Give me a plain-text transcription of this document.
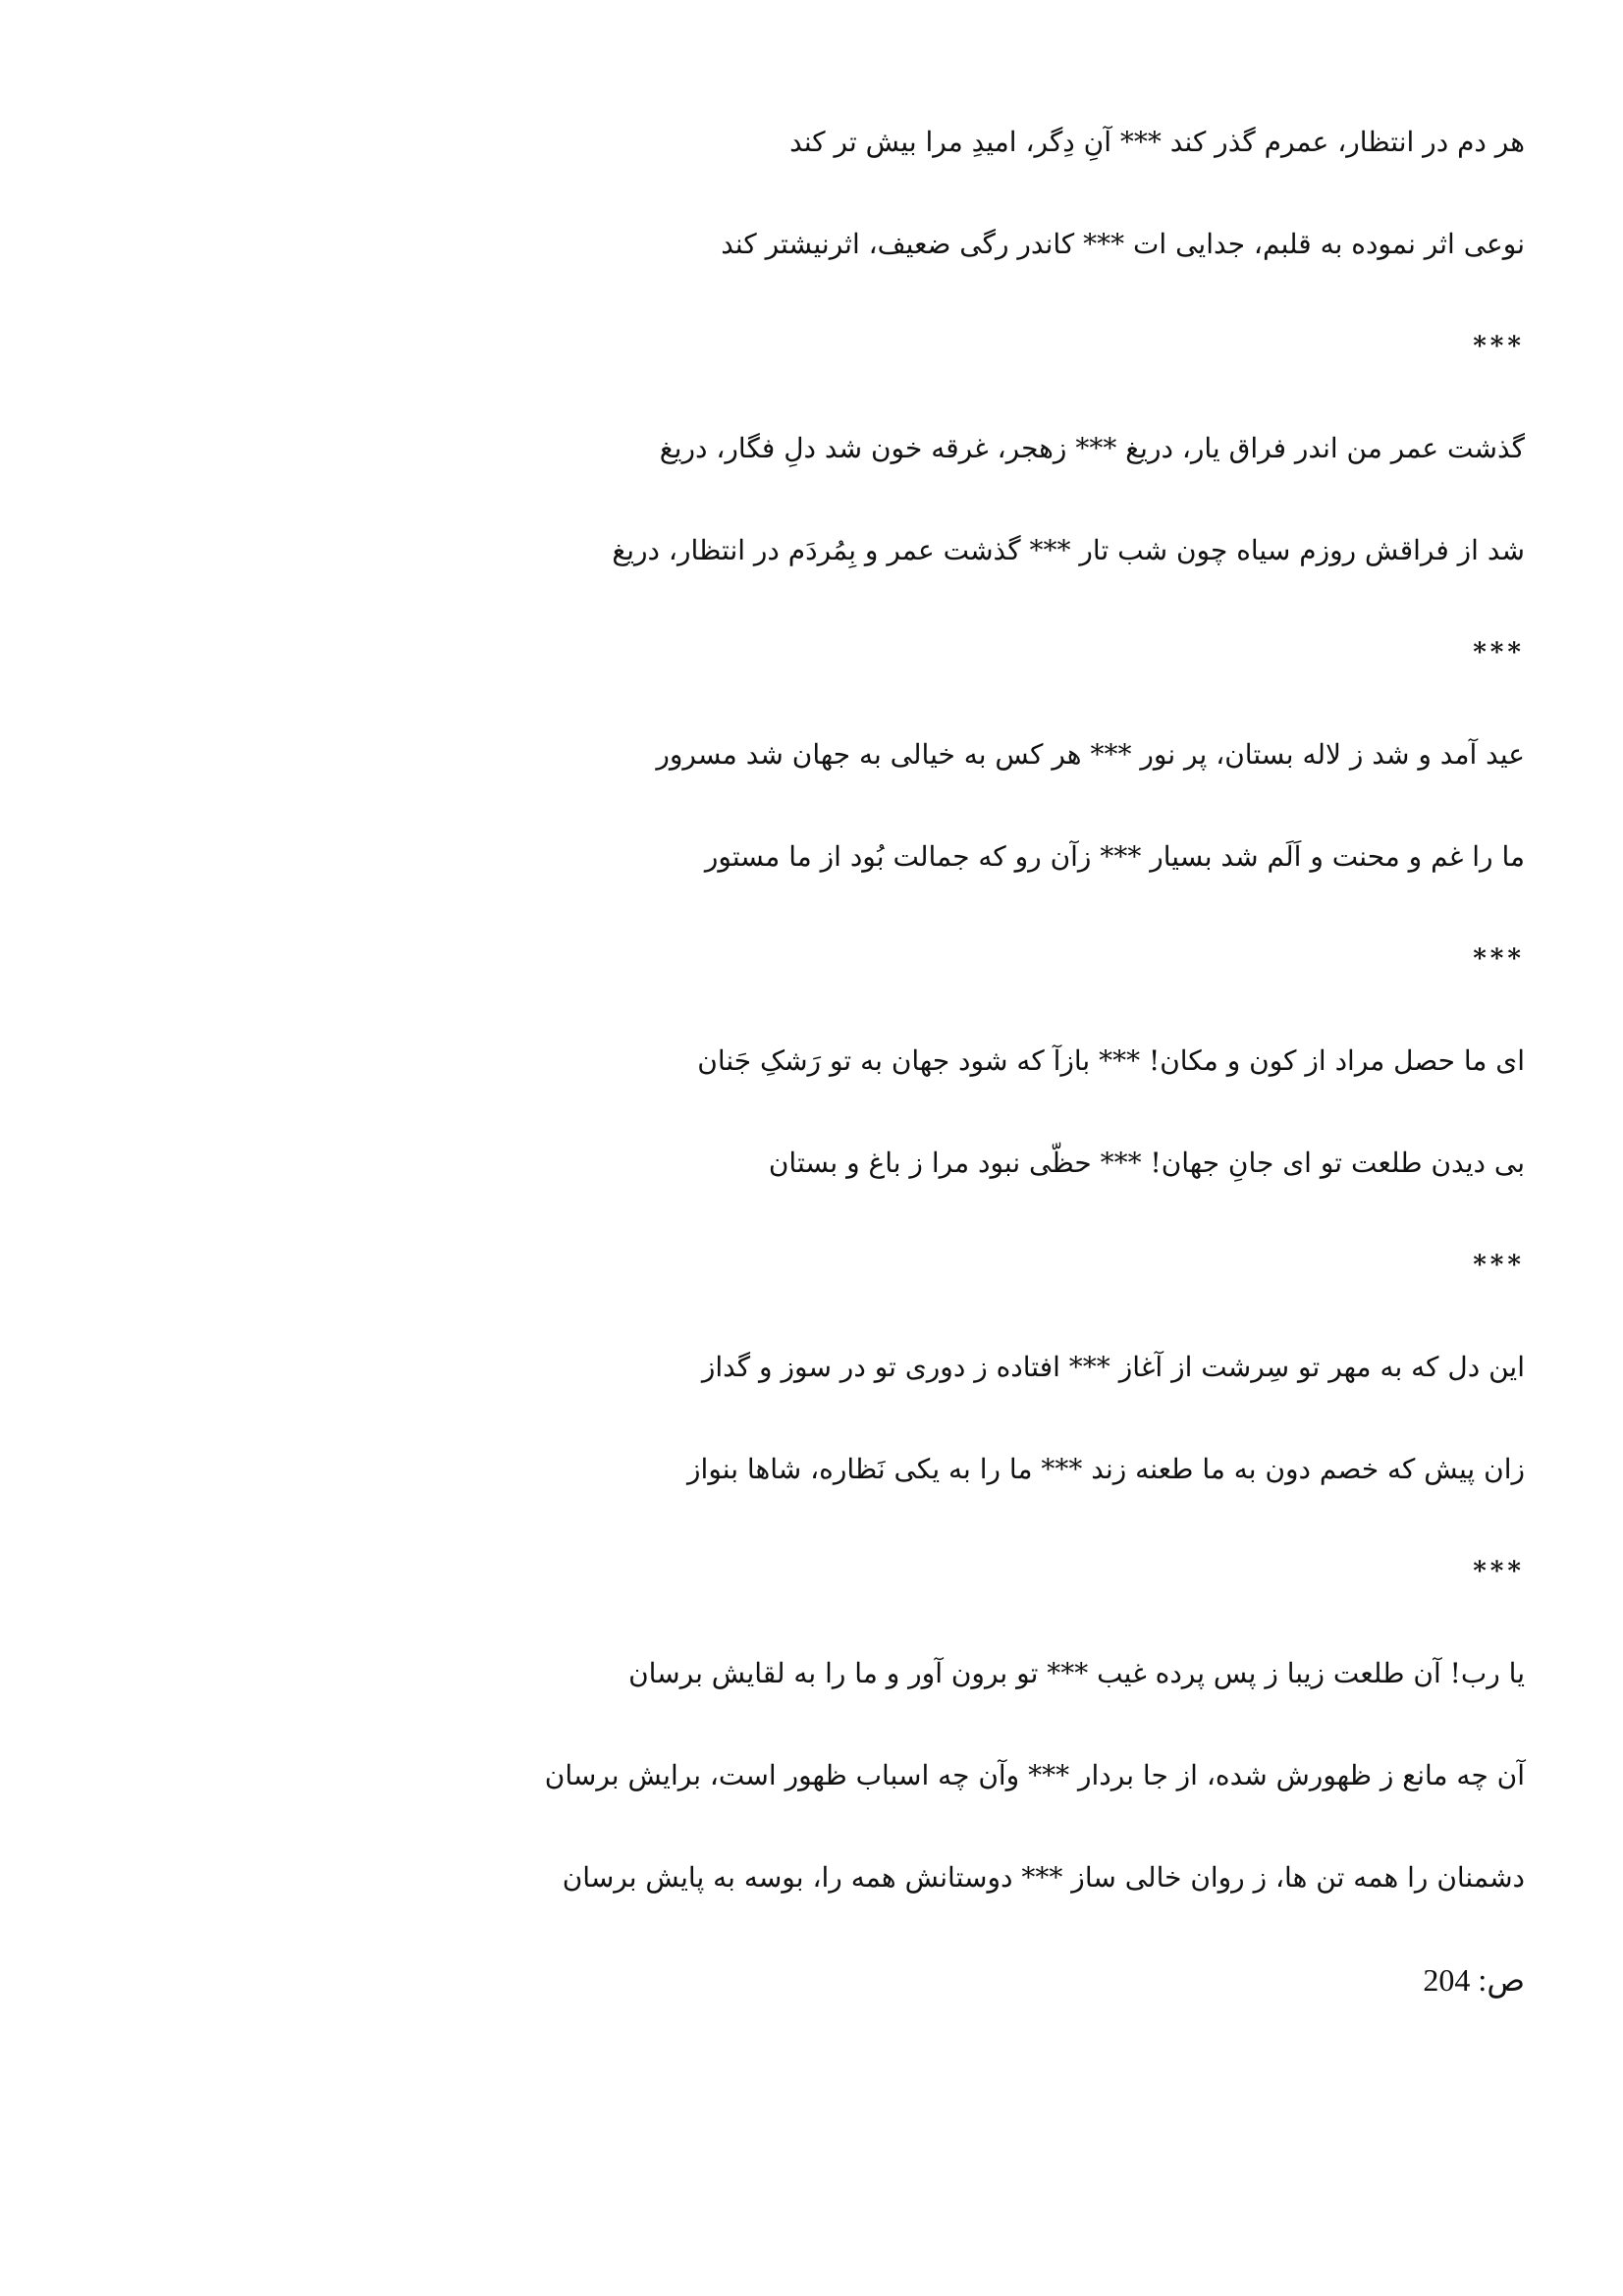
هر دم در انتظار، عمرم گذر کند *** آنِ دِگر، امیدِ مرا بیش تر کند
نوعی اثر نموده به قلبم، جدایی ات *** کاندر رگی ضعیف، اثرنیشتر کند
***
گذشت عمر من اندر فراق یار، دریغ *** زهجر، غرقه خون شد دلِ فگار، دریغ
شد از فراقش روزم سیاه چون شب تار *** گذشت عمر و بِمُردَم در انتظار، دریغ
***
عید آمد و شد ز لاله بستان، پر نور *** هر کس به خیالی به جهان شد مسرور
ما را غم و محنت و اَلَم شد بسیار *** زآن رو که جمالت بُود از ما مستور
***
ای ما حصل مراد از کون و مکان! *** بازآ که شود جهان به تو رَشکِ جَنان
بی دیدن طلعت تو ای جانِ جهان! *** حظّی نبود مرا ز باغ و بستان
***
این دل که به مهر تو سِرشت از آغاز *** افتاده ز دوری تو در سوز و گداز
زان پیش که خصم دون به ما طعنه زند *** ما را به یکی نَظاره، شاها بنواز
***
یا رب! آن طلعت زیبا ز پس پرده غیب *** تو برون آور و ما را به لقایش برسان
آن چه مانع ز ظهورش شده، از جا بردار *** وآن چه اسباب ظهور است، برایش برسان
دشمنان را همه تن ها، ز روان خالی ساز *** دوستانش همه را، بوسه به پایش برسان
ص: 204
